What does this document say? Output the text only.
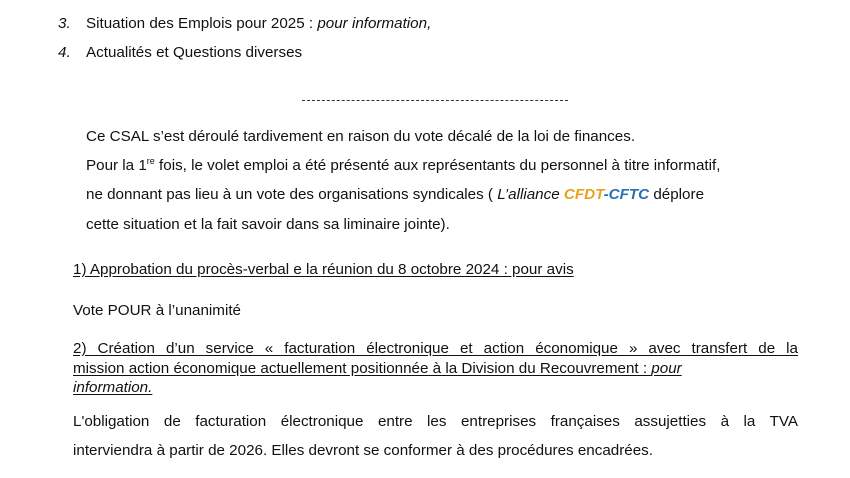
3. Situation des Emplois pour 2025 : pour information,
4. Actualités et Questions diverses
Ce CSAL s’est déroulé tardivement en raison du vote décalé de la loi de finances.
Pour la 1re fois, le volet emploi a été présenté aux représentants du personnel à titre informatif,
ne donnant pas lieu à un vote des organisations syndicales ( L’alliance CFDT-CFTC déplore
cette situation et la fait savoir dans sa liminaire jointe).
1) Approbation du procès-verbal e la réunion du 8 octobre 2024 : pour avis
Vote POUR à l’unanimité
2) Création d’un service « facturation électronique et action économique » avec transfert de la
mission action économique actuellement positionnée à la Division du Recouvrement : pour
information.
L'obligation de facturation électronique entre les entreprises françaises assujetties à la TVA
interviendra à partir de 2026. Elles devront se conformer à des procédures encadrées.
